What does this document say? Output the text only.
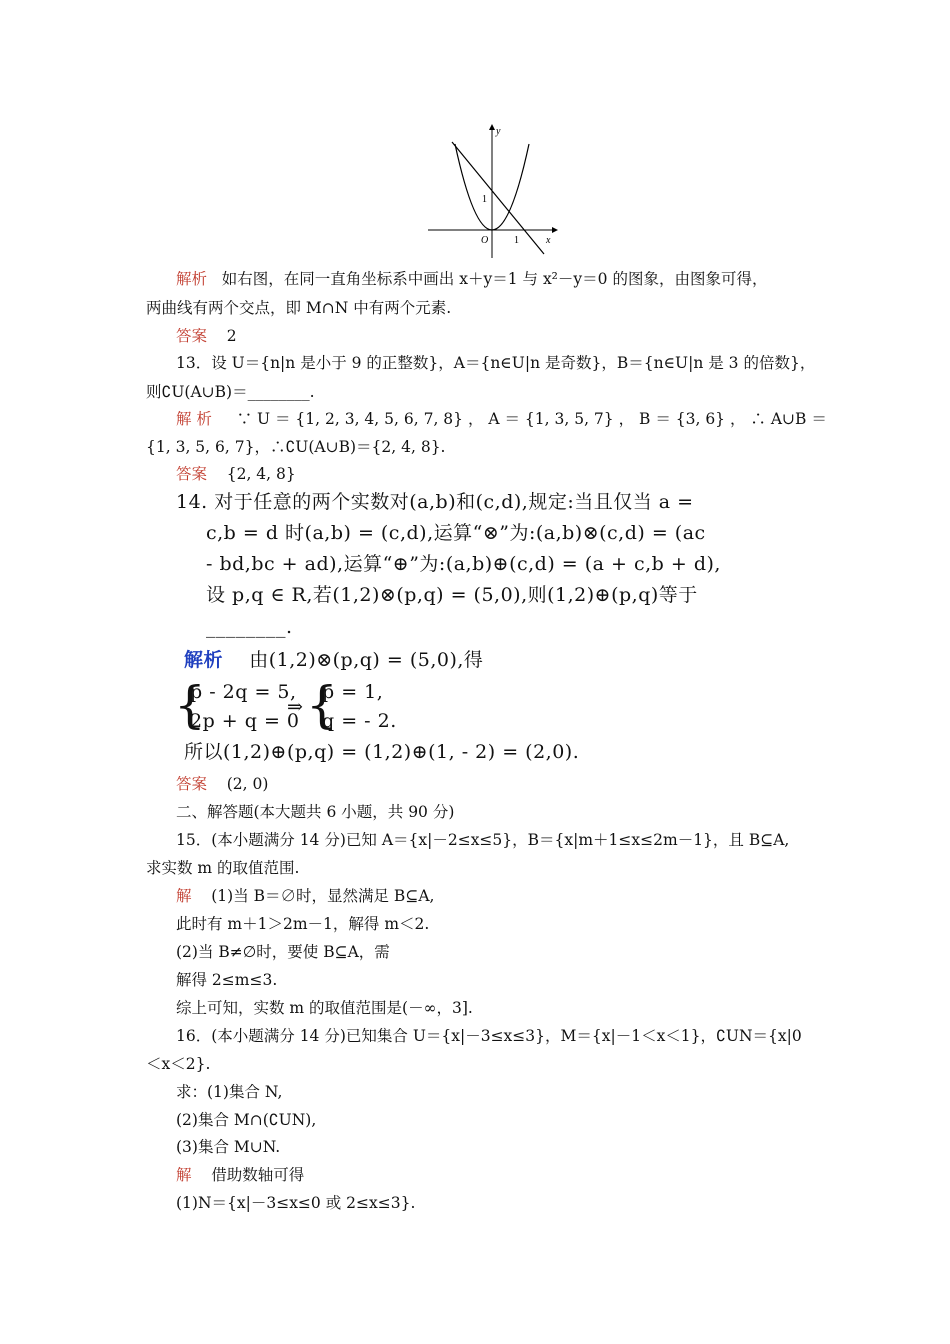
y
x
1
1
O
解析 如右图，在同一直角坐标系中画出 x＋y＝1 与 x²－y＝0 的图象，由图象可得，
两曲线有两个交点，即 M∩N 中有两个元素.
答案 2
13．设 U＝{n|n 是小于 9 的正整数}，A＝{n∈U|n 是奇数}，B＝{n∈U|n 是 3 的倍数}，
则∁U(A∪B)＝________.
解 析 ∵ U ＝ {1, 2, 3, 4, 5, 6, 7, 8} ， A ＝ {1, 3, 5, 7} ， B ＝ {3, 6} ， ∴ A∪B ＝
{1, 3, 5, 6, 7}，∴∁U(A∪B)＝{2, 4, 8}.
答案 {2, 4, 8}
14. 对于任意的两个实数对(a,b)和(c,d),规定:当且仅当 a =
c,b = d 时(a,b) = (c,d),运算“⊗”为:(a,b)⊗(c,d) = (ac
- bd,bc + ad),运算“⊕”为:(a,b)⊕(c,d) = (a + c,b + d),
设 p,q ∈ R,若(1,2)⊗(p,q) = (5,0),则(1,2)⊕(p,q)等于
________.
解析 由(1,2)⊗(p,q) = (5,0),得
{
p - 2q = 5,
2p + q = 0
⇒ {
p = 1,
q = - 2.
所以(1,2)⊕(p,q) = (1,2)⊕(1, - 2) = (2,0).
答案 (2, 0)
二、解答题(本大题共 6 小题，共 90 分)
15．(本小题满分 14 分)已知 A＝{x|－2≤x≤5}，B＝{x|m＋1≤x≤2m－1}，且 B⊆A,
求实数 m 的取值范围.
解 (1)当 B＝∅时，显然满足 B⊆A,
此时有 m＋1＞2m－1，解得 m＜2.
(2)当 B≠∅时，要使 B⊆A，需
解得 2≤m≤3.
综上可知，实数 m 的取值范围是(－∞，3].
16．(本小题满分 14 分)已知集合 U＝{x|－3≤x≤3}，M＝{x|－1＜x＜1}，∁UN＝{x|0
＜x＜2}.
求：(1)集合 N,
(2)集合 M∩(∁UN),
(3)集合 M∪N.
解 借助数轴可得
(1)N＝{x|－3≤x≤0 或 2≤x≤3}.
